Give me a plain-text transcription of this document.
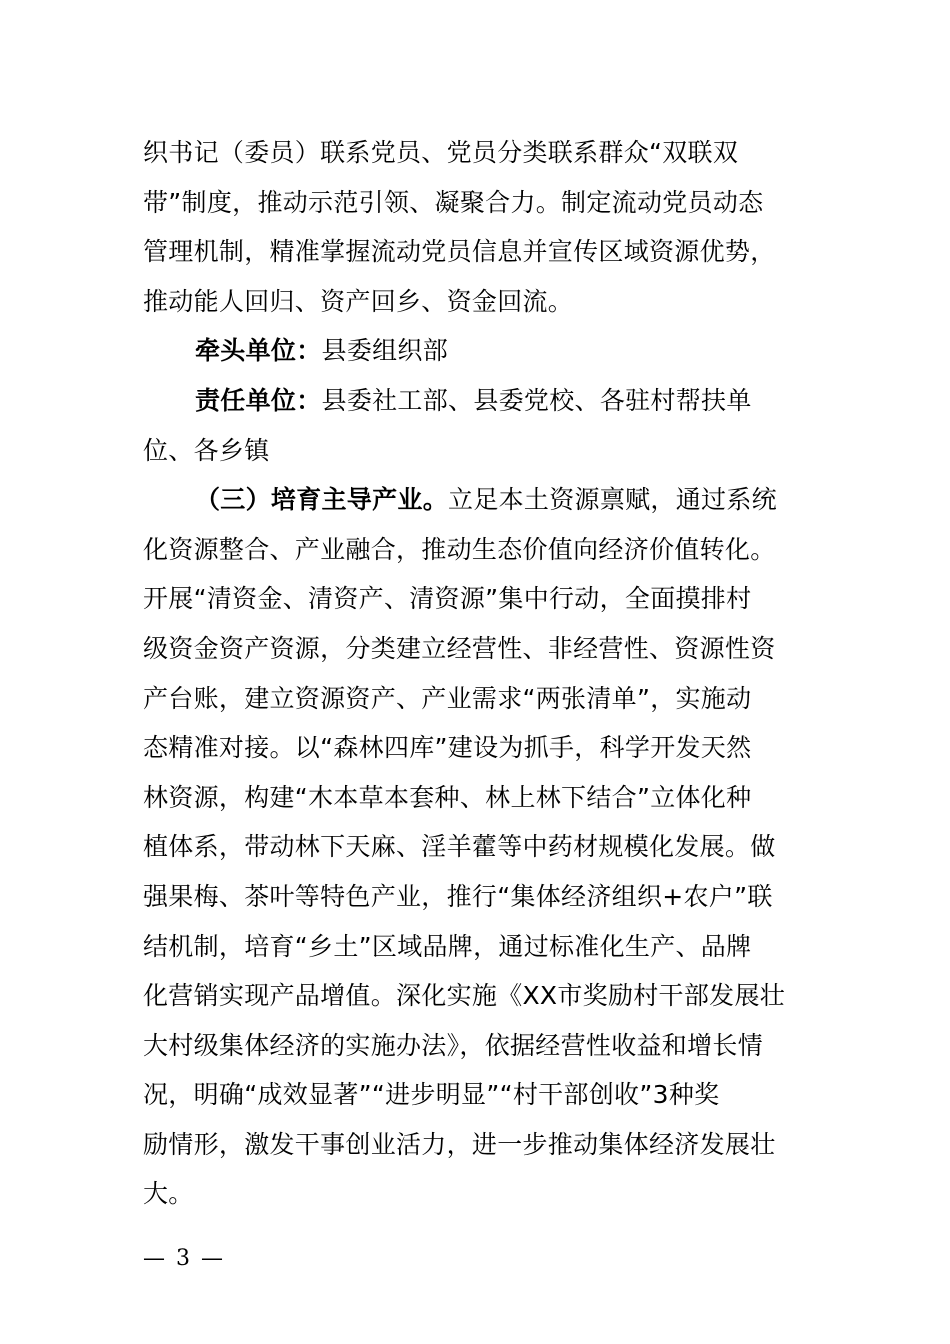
织书记（委员）联系党员、党员分类联系群众“双联双
带”制度，推动示范引领、凝聚合力。制定流动党员动态
管理机制，精准掌握流动党员信息并宣传区域资源优势，
推动能人回归、资产回乡、资金回流。
牵头单位：县委组织部
责任单位：县委社工部、县委党校、各驻村帮扶单
位、各乡镇
（三）培育主导产业。立足本土资源禀赋，通过系统
化资源整合、产业融合，推动生态价值向经济价值转化。
开展“清资金、清资产、清资源”集中行动，全面摸排村
级资金资产资源，分类建立经营性、非经营性、资源性资
产台账，建立资源资产、产业需求“两张清单”，实施动
态精准对接。以“森林四库”建设为抓手，科学开发天然
林资源，构建“木本草本套种、林上林下结合”立体化种
植体系，带动林下天麻、淫羊藿等中药材规模化发展。做
强果梅、茶叶等特色产业，推行“集体经济组织+农户”联
结机制，培育“乡土”区域品牌，通过标准化生产、品牌
化营销实现产品增值。深化实施《XX市奖励村干部发展壮
大村级集体经济的实施办法》，依据经营性收益和增长情
况，明确“成效显著”“进步明显”“村干部创收”3种奖
励情形，激发干事创业活力，进一步推动集体经济发展壮
大。
— 3 —
